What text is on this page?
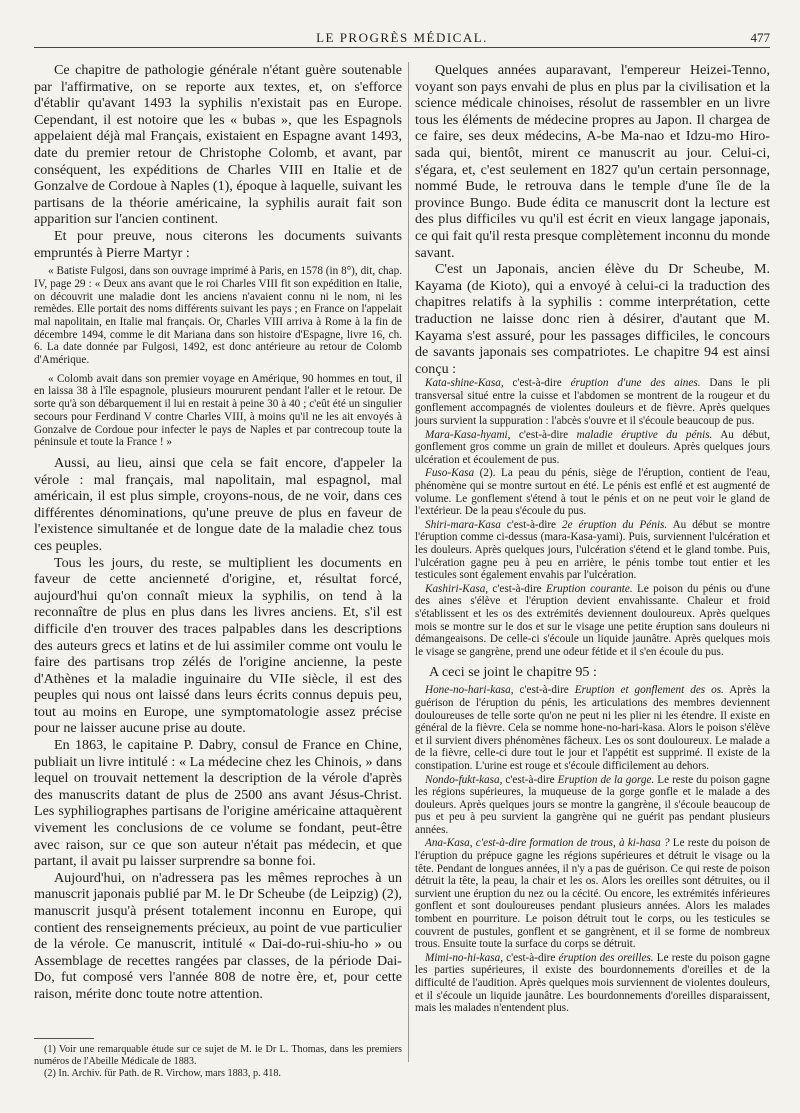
LE PROGRÈS MÉDICAL.	477

Ce chapitre de pathologie générale n'étant guère soutenable par l'affirmative, on se reporte aux textes, et, on s'efforce d'établir qu'avant 1493 la syphilis n'existait pas en Europe. Cependant, il est notoire que les « bubas », que les Espagnols appelaient déjà mal Français, existaient en Espagne avant 1493, date du premier retour de Christophe Colomb, et avant, par conséquent, les expéditions de Charles VIII en Italie et de Gonzalve de Cordoue à Naples (1), époque à laquelle, suivant les partisans de la théorie américaine, la syphilis aurait fait son apparition sur l'ancien continent.

Et pour preuve, nous citerons les documents suivants empruntés à Pierre Martyr :

« Batiste Fulgosi, dans son ouvrage imprimé à Paris, en 1578 (in 8°), dit, chap. IV, page 29 : « Deux ans avant que le roi Charles VIII fit son expédition en Italie, on découvrit une maladie dont les anciens n'avaient connu ni le nom, ni les remèdes. Elle portait des noms différents suivant les pays ; en France on l'appelait mal napolitain, en Italie mal français. Or, Charles VIII arriva à Rome à la fin de décembre 1494, comme le dit Mariana dans son histoire d'Espagne, livre 16, ch. 6. La date donnée par Fulgosi, 1492, est donc antérieure au retour de Colomb d'Amérique.

« Colomb avait dans son premier voyage en Amérique, 90 hommes en tout, il en laissa 38 à l'île espagnole, plusieurs moururent pendant l'aller et le retour. De sorte qu'à son débarquement il lui en restait à peine 30 à 40 ; c'eût été un singulier secours pour Ferdinand V contre Charles VIII, à moins qu'il ne les ait envoyés à Gonzalve de Cordoue pour infecter le pays de Naples et par contrecoup toute la péninsule et toute la France ! »

Aussi, au lieu, ainsi que cela se fait encore, d'appeler la vérole : mal français, mal napolitain, mal espagnol, mal américain, il est plus simple, croyons-nous, de ne voir, dans ces différentes dénominations, qu'une preuve de plus en faveur de l'existence simultanée et de longue date de la maladie chez tous ces peuples.

Tous les jours, du reste, se multiplient les documents en faveur de cette ancienneté d'origine, et, résultat forcé, aujourd'hui qu'on connaît mieux la syphilis, on tend à la reconnaître de plus en plus dans les livres anciens. Et, s'il est difficile d'en trouver des traces palpables dans les descriptions des auteurs grecs et latins et de lui assimiler comme ont voulu le faire des partisans trop zélés de l'origine ancienne, la peste d'Athènes et la maladie inguinaire du VIIe siècle, il est des peuples qui nous ont laissé dans leurs écrits connus depuis peu, tout au moins en Europe, une symptomatologie assez précise pour ne laisser aucune prise au doute.

En 1863, le capitaine P. Dabry, consul de France en Chine, publiait un livre intitulé : « La médecine chez les Chinois, » dans lequel on trouvait nettement la description de la vérole d'après des manuscrits datant de plus de 2500 ans avant Jésus-Christ. Les syphiliographes partisans de l'origine américaine attaquèrent vivement les conclusions de ce volume se fondant, peut-être avec raison, sur ce que son auteur n'était pas médecin, et que partant, il avait pu laisser surprendre sa bonne foi.

Aujourd'hui, on n'adressera pas les mêmes reproches à un manuscrit japonais publié par M. le Dr Scheube (de Leipzig) (2), manuscrit jusqu'à présent totalement inconnu en Europe, qui contient des renseignements précieux, au point de vue particulier de la vérole. Ce manuscrit, intitulé « Dai-do-rui-shiu-ho » ou Assemblage de recettes rangées par classes, de la période Dai-Do, fut composé vers l'année 808 de notre ère, et, pour cette raison, mérite donc toute notre attention.

Quelques années auparavant, l'empereur Heizei-Tenno, voyant son pays envahi de plus en plus par la civilisation et la science médicale chinoises, résolut de rassembler en un livre tous les éléments de médecine propres au Japon. Il chargea de ce faire, ses deux médecins, A-be Ma-nao et Idzu-mo Hiro-sada qui, bientôt, mirent ce manuscrit au jour. Celui-ci, s'égara, et, c'est seulement en 1827 qu'un certain personnage, nommé Bude, le retrouva dans le temple d'une île de la province Bungo. Bude édita ce manuscrit dont la lecture est des plus difficiles vu qu'il est écrit en vieux langage japonais, ce qui fait qu'il resta presque complètement inconnu du monde savant.

C'est un Japonais, ancien élève du Dr Scheube, M. Kayama (de Kioto), qui a envoyé à celui-ci la traduction des chapitres relatifs à la syphilis : comme interprétation, cette traduction ne laisse donc rien à désirer, d'autant que M. Kayama s'est assuré, pour les passages difficiles, le concours de savants japonais ses compatriotes. Le chapitre 94 est ainsi conçu :

Kata-shine-Kasa, c'est-à-dire éruption d'une des aines. Dans le pli transversal situé entre la cuisse et l'abdomen se montrent de la rougeur et du gonflement accompagnés de violentes douleurs et de fièvre. Après quelques jours survient la suppuration : l'abcès s'ouvre et il s'écoule beaucoup de pus.

Mara-Kasa-hyami, c'est-à-dire maladie éruptive du pénis. Au début, gonflement gros comme un grain de millet et douleurs. Après quelques jours ulcération et écoulement de pus.

Fuso-Kasa (2). La peau du pénis, siège de l'éruption, contient de l'eau, phénomène qui se montre surtout en été. Le pénis est enflé et est augmenté de volume. Le gonflement s'étend à tout le pénis et on ne peut voir le gland de l'extérieur. De la peau s'écoule du pus.

Shiri-mara-Kasa c'est-à-dire 2e éruption du Pénis. Au début se montre l'éruption comme ci-dessus (mara-Kasa-yami). Puis, surviennent l'ulcération et les douleurs. Après quelques jours, l'ulcération s'étend et le gland tombe. Puis, l'ulcération gagne peu à peu en arrière, le pénis tombe tout entier et les testicules sont également envahis par l'ulcération.

Kashiri-Kasa, c'est-à-dire Eruption courante. Le poison du pénis ou d'une des aines s'élève et l'éruption devient envahissante. Chaleur et froid s'établissent et les os des extrémités deviennent douloureux. Après quelques mois se montre sur le dos et sur le visage une petite éruption sans douleurs ni démangeaisons. De celle-ci s'écoule un liquide jaunâtre. Après quelques mois le visage se gangrène, prend une odeur fétide et il s'en écoule du pus.

A ceci se joint le chapitre 95 :

Hone-no-hari-kasa, c'est-à-dire Eruption et gonflement des os. Après la guérison de l'éruption du pénis, les articulations des membres deviennent douloureuses de telle sorte qu'on ne peut ni les plier ni les étendre. Il existe en général de la fièvre. Cela se nomme hone-no-hari-kasa. Alors le poison s'élève et il survient divers phénomènes fâcheux. Les os sont douloureux. Le malade a de la fièvre, celle-ci dure tout le jour et l'appétit est supprimé. Il existe de la constipation. L'urine est rouge et s'écoule difficilement au dehors.

Nondo-fukt-kasa, c'est-à-dire Eruption de la gorge. Le reste du poison gagne les régions supérieures, la muqueuse de la gorge gonfle et le malade a des douleurs. Après quelques jours se montre la gangrène, il s'écoule beaucoup de pus et peu à peu survient la gangrène qui ne guérit pas pendant plusieurs années.

Ana-Kasa, c'est-à-dire formation de trous, à ki-hasa ? Le reste du poison de l'éruption du prépuce gagne les régions supérieures et détruit le visage ou la tête. Pendant de longues années, il n'y a pas de guérison. Ce qui reste de poison détruit la tête, la peau, la chair et les os. Alors les oreilles sont détruites, ou il survient une éruption du nez ou la cécité. Ou encore, les extrémités inférieures gonflent et sont douloureuses pendant plusieurs années. Alors les malades tombent en pourriture. Le poison détruit tout le corps, ou les testicules se couvrent de pustules, gonflent et se gangrènent, et il se forme de nombreux trous. Ensuite toute la surface du corps se détruit.

Mimi-no-hi-kasa, c'est-à-dire éruption des oreilles. Le reste du poison gagne les parties supérieures, il existe des bourdonnements d'oreilles et de la difficulté de l'audition. Après quelques mois surviennent de violentes douleurs, et il s'écoule un liquide jaunâtre. Les bourdonnements d'oreilles disparaissent, mais les malades n'entendent plus.

(1) Voir une remarquable étude sur ce sujet de M. le Dr L. Thomas, dans les premiers numéros de l'Abeille Médicale de 1883.

(2) In. Archiv. für Path. de R. Virchow, mars 1883, p. 418.
